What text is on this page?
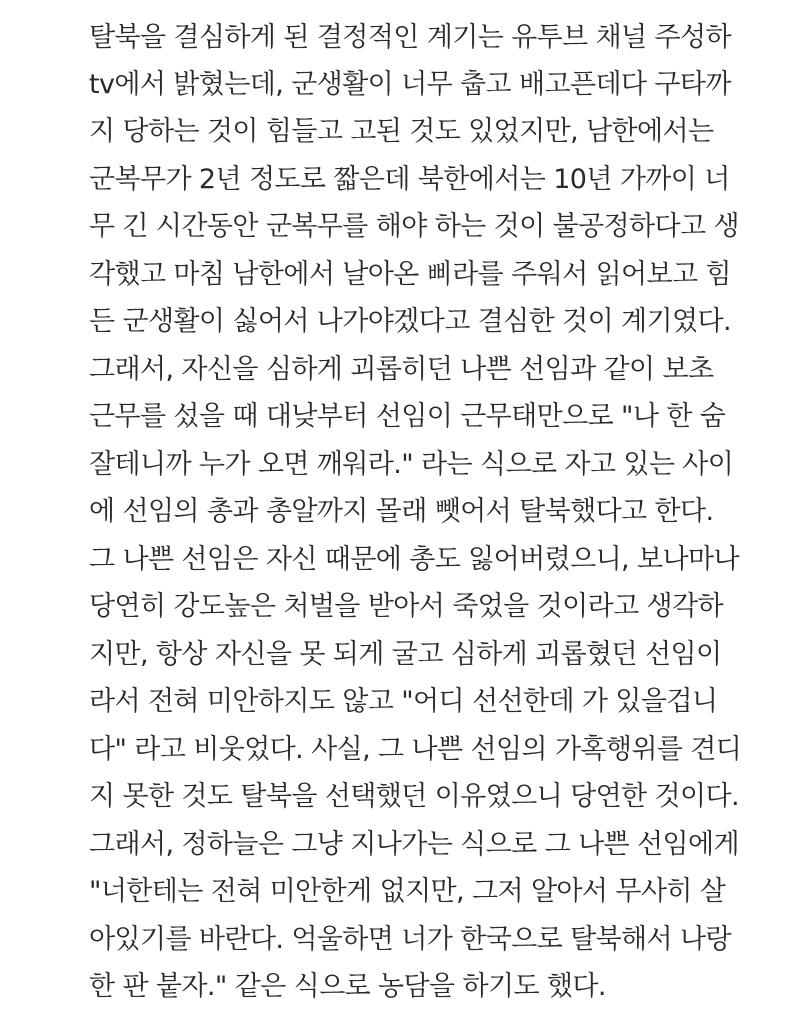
탈북을 결심하게 된 결정적인 계기는 유투브 채널 주성하
tv에서 밝혔는데, 군생활이 너무 춥고 배고픈데다 구타까
지 당하는 것이 힘들고 고된 것도 있었지만, 남한에서는
군복무가 2년 정도로 짧은데 북한에서는 10년 가까이 너
무 긴 시간동안 군복무를 해야 하는 것이 불공정하다고 생
각했고 마침 남한에서 날아온 삐라를 주워서 읽어보고 힘
든 군생활이 싫어서 나가야겠다고 결심한 것이 계기였다.
그래서, 자신을 심하게 괴롭히던 나쁜 선임과 같이 보초
근무를 섰을 때 대낮부터 선임이 근무태만으로 "나 한 숨
잘테니까 누가 오면 깨워라." 라는 식으로 자고 있는 사이
에 선임의 총과 총알까지 몰래 뺏어서 탈북했다고 한다.
그 나쁜 선임은 자신 때문에 총도 잃어버렸으니, 보나마나
당연히 강도높은 처벌을 받아서 죽었을 것이라고 생각하
지만, 항상 자신을 못 되게 굴고 심하게 괴롭혔던 선임이
라서 전혀 미안하지도 않고 "어디 선선한데 가 있을겁니
다" 라고 비웃었다. 사실, 그 나쁜 선임의 가혹행위를 견디
지 못한 것도 탈북을 선택했던 이유였으니 당연한 것이다.
그래서, 정하늘은 그냥 지나가는 식으로 그 나쁜 선임에게
"너한테는 전혀 미안한게 없지만, 그저 알아서 무사히 살
아있기를 바란다. 억울하면 너가 한국으로 탈북해서 나랑
한 판 붙자." 같은 식으로 농담을 하기도 했다.
